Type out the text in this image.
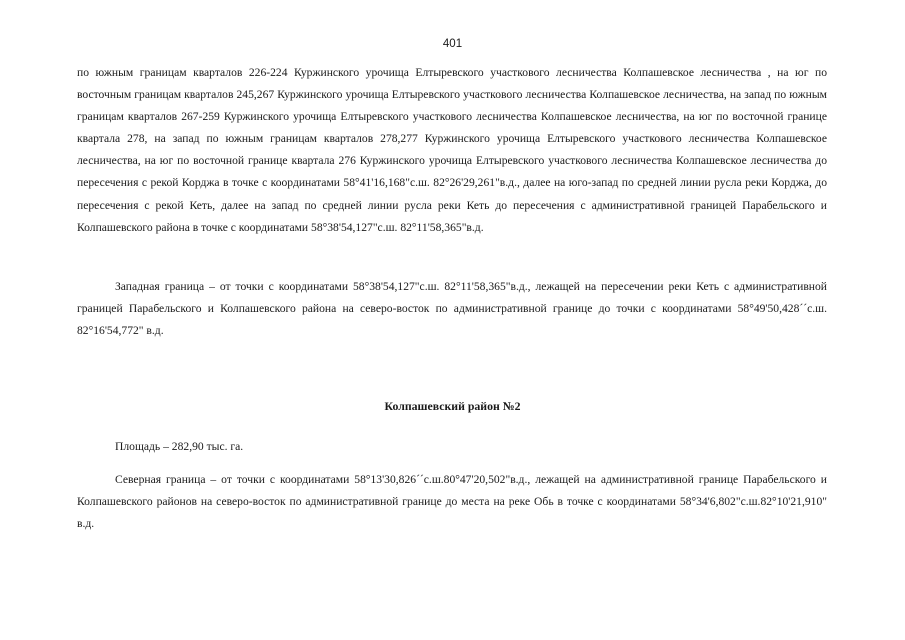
401

по южным границам кварталов 226-224 Куржинского урочища Елтыревского участкового лесничества Колпашевское лесничества , на юг по восточным границам кварталов 245,267 Куржинского урочища Елтыревского участкового лесничества Колпашевское лесничества, на запад по южным границам кварталов 267-259 Куржинского урочища Елтыревского участкового лесничества Колпашевское лесничества, на юг по восточной границе квартала 278, на запад по южным границам кварталов 278,277 Куржинского урочища Елтыревского участкового лесничества Колпашевское лесничества, на юг по восточной границе квартала 276 Куржинского урочища Елтыревского участкового лесничества Колпашевское лесничества до пересечения с рекой Корджа в точке с координатами 58°41'16,168"с.ш. 82°26'29,261"в.д., далее на юго-запад по средней линии русла реки Корджа, до пересечения с рекой Кеть, далее на запад по средней линии русла реки Кеть до пересечения с административной границей Парабельского и Колпашевского района в точке с координатами 58°38'54,127"с.ш. 82°11'58,365"в.д.

Западная граница – от точки с координатами 58°38'54,127"с.ш. 82°11'58,365"в.д., лежащей на пересечении реки Кеть с административной границей Парабельского и Колпашевского района на северо-восток по административной границе до точки с координатами 58°49'50,428´´с.ш. 82°16'54,772" в.д.

Колпашевский район №2

Площадь – 282,90 тыс. га.

Северная граница – от точки с координатами 58°13'30,826´´с.ш.80°47'20,502"в.д., лежащей на административной границе Парабельского и Колпашевского районов на северо-восток по административной границе до места на реке Обь в точке с координатами 58°34'6,802"с.ш.82°10'21,910" в.д.
